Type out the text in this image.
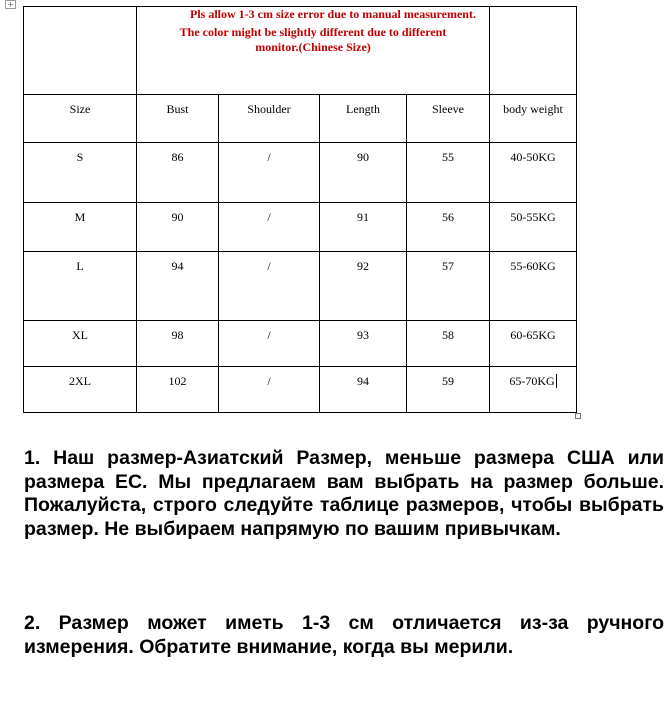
+

	Pls allow 1-3 cm size error due to manual measurement.
The color might be slightly different due to different monitor.(Chinese Size)				

Size	Bust	Shoulder	Length	Sleeve	body weight
S	86	/	90	55	40-50KG
M	90	/	91	56	50-55KG
L	94	/	92	57	55-60KG
XL	98	/	93	58	60-65KG
2XL	102	/	94	59	65-70KG

1. Наш размер-Азиатский Размер, меньше размера США или размера ЕС. Мы предлагаем вам выбрать на размер больше. Пожалуйста, строго следуйте таблице размеров, чтобы выбрать размер. Не выбираем напрямую по вашим привычкам.

2. Размер может иметь 1-3 см отличается из-за ручного измерения. Обратите внимание, когда вы мерили.
